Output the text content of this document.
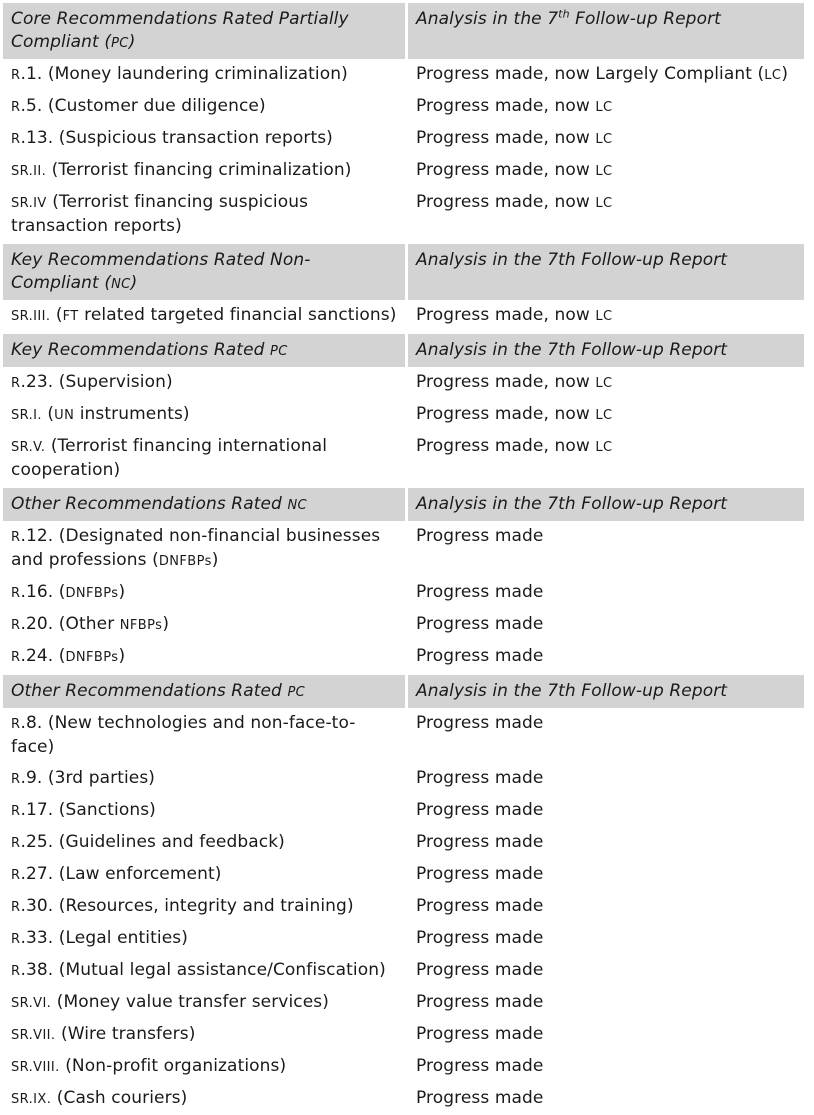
Core Recommendations Rated Partially Compliant (PC)	Analysis in the 7th Follow-up Report
R.1. (Money laundering criminalization)	Progress made, now Largely Compliant (LC)
R.5. (Customer due diligence)	Progress made, now LC
R.13. (Suspicious transaction reports)	Progress made, now LC
SR.II. (Terrorist financing criminalization)	Progress made, now LC
SR.IV (Terrorist financing suspicious transaction reports)	Progress made, now LC

Key Recommendations Rated Non-Compliant (NC)	Analysis in the 7th Follow-up Report
SR.III. (FT related targeted financial sanctions)	Progress made, now LC

Key Recommendations Rated PC	Analysis in the 7th Follow-up Report
R.23. (Supervision)	Progress made, now LC
SR.I. (UN instruments)	Progress made, now LC
SR.V. (Terrorist financing international cooperation)	Progress made, now LC

Other Recommendations Rated NC	Analysis in the 7th Follow-up Report
R.12. (Designated non-financial businesses and professions (DNFBPs)	Progress made
R.16. (DNFBPs)	Progress made
R.20. (Other NFBPs)	Progress made
R.24. (DNFBPs)	Progress made

Other Recommendations Rated PC	Analysis in the 7th Follow-up Report
R.8. (New technologies and non-face-to-face)	Progress made
R.9. (3rd parties)	Progress made
R.17. (Sanctions)	Progress made
R.25. (Guidelines and feedback)	Progress made
R.27. (Law enforcement)	Progress made
R.30. (Resources, integrity and training)	Progress made
R.33. (Legal entities)	Progress made
R.38. (Mutual legal assistance/Confiscation)	Progress made
SR.VI. (Money value transfer services)	Progress made
SR.VII. (Wire transfers)	Progress made
SR.VIII. (Non-profit organizations)	Progress made
SR.IX. (Cash couriers)	Progress made
